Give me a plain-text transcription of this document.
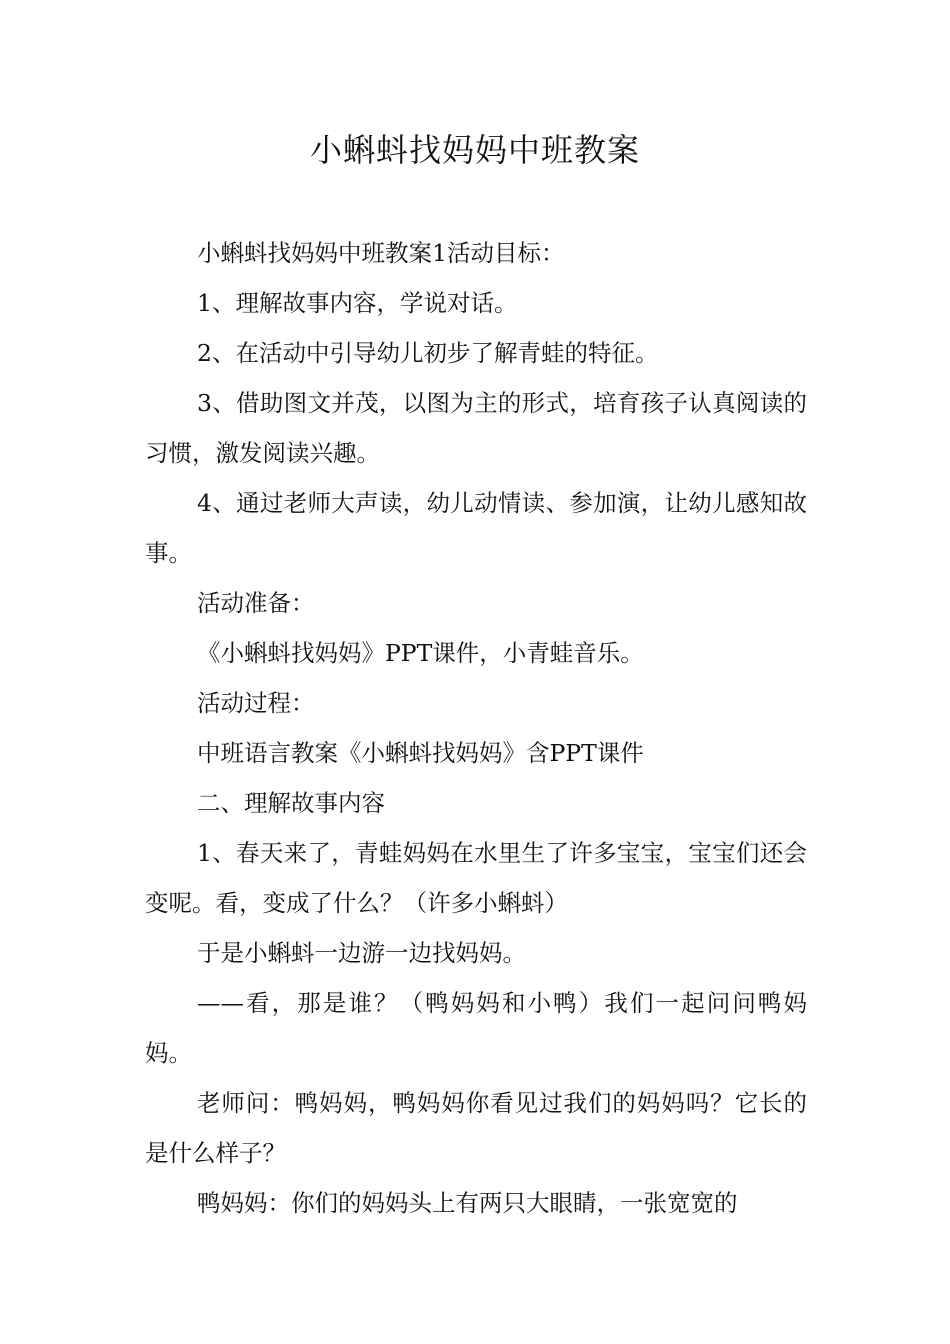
小蝌蚪找妈妈中班教案

小蝌蚪找妈妈中班教案1活动目标：

1、理解故事内容，学说对话。

2、在活动中引导幼儿初步了解青蛙的特征。

3、借助图文并茂，以图为主的形式，培育孩子认真阅读的习惯，激发阅读兴趣。

4、通过老师大声读，幼儿动情读、参加演，让幼儿感知故事。

活动准备：

《小蝌蚪找妈妈》PPT课件，小青蛙音乐。

活动过程：

中班语言教案《小蝌蚪找妈妈》含PPT课件

二、理解故事内容

1、春天来了，青蛙妈妈在水里生了许多宝宝，宝宝们还会变呢。看，变成了什么？（许多小蝌蚪）

于是小蝌蚪一边游一边找妈妈。

——看，那是谁？（鸭妈妈和小鸭）我们一起问问鸭妈妈。

老师问：鸭妈妈，鸭妈妈你看见过我们的妈妈吗？它长的是什么样子？

鸭妈妈：你们的妈妈头上有两只大眼睛，一张宽宽的
